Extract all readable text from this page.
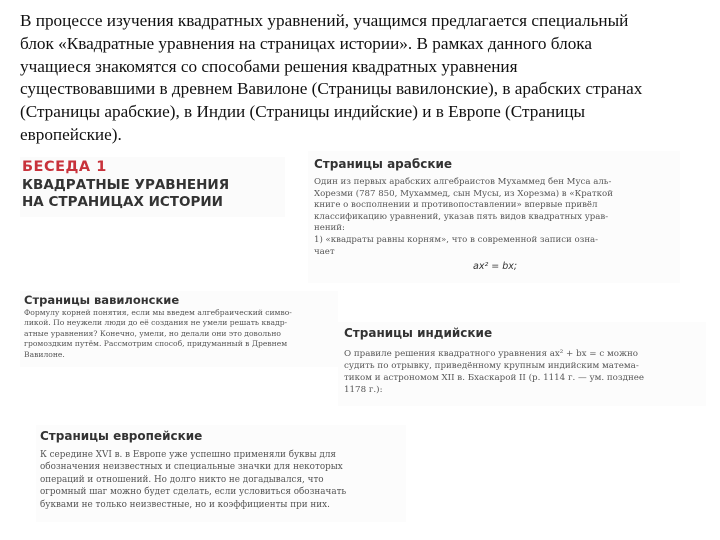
В процессе изучения квадратных уравнений, учащимся предлагается специальный
блок «Квадратные уравнения на страницах истории». В рамках данного блока
учащиеся знакомятся со способами решения квадратных уравнения
существовавшими в древнем Вавилоне (Страницы вавилонские), в арабских странах
(Страницы арабские), в Индии (Страницы индийские) и в Европе (Страницы
европейские).
БЕСЕДА 1
КВАДРАТНЫЕ УРАВНЕНИЯ
НА СТРАНИЦАХ ИСТОРИИ
Страницы арабские
Один из первых арабских алгебраистов Мухаммед бен Муса аль-
Хорезми (787 850, Мухаммед, сын Мусы, из Хорезма) в «Краткой
книге о восполнении и противопоставлении» впервые привёл
классификацию уравнений, указав пять видов квадратных урав-
нений:
1) «квадраты равны корням», что в современной записи озна-
чает
ax² = bx;
Страницы вавилонские
Формулу корней понятия, если мы введем алгебраический симво-
ликой. По неужели люди до её создания не умели решать квадр-
атные уравнения? Конечно, умели, но делали они это довольно
громоздким путём. Рассмотрим способ, придуманный в Древнем
Вавилоне.
Страницы индийские
О правиле решения квадратного уравнения ax² + bx = c можно
судить по отрывку, приведённому крупным индийским матема-
тиком и астрономом XII в. Бхаскарой II (р. 1114 г. — ум. позднее
1178 г.):
Страницы европейские
К середине XVI в. в Европе уже успешно применяли буквы для
обозначения неизвестных и специальные значки для некоторых
операций и отношений. Но долго никто не догадывался, что
огромный шаг можно будет сделать, если условиться обозначать
буквами не только неизвестные, но и коэффициенты при них.
